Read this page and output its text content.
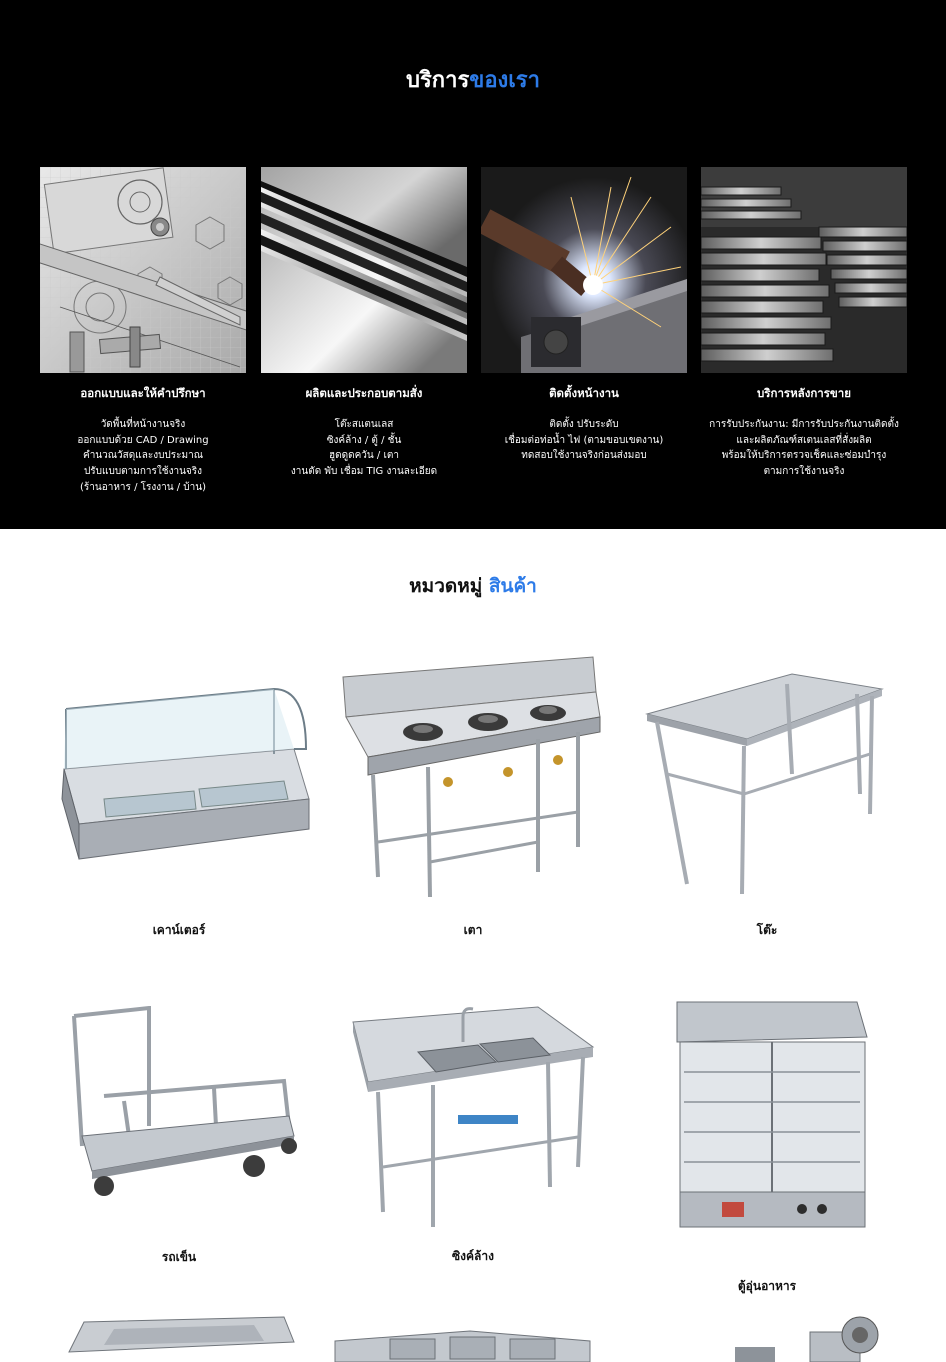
บริการของเรา
ออกแบบและให้คำปรึกษา
วัดพื้นที่หน้างานจริง
ออกแบบด้วย CAD / Drawing
คำนวณวัสดุและงบประมาณ
ปรับแบบตามการใช้งานจริง
(ร้านอาหาร / โรงงาน / บ้าน)
ผลิตและประกอบตามสั่ง
โต๊ะสแตนเลส
ซิงค์ล้าง / ตู้ / ชั้น
ฮูดดูดควัน / เตา
งานตัด พับ เชื่อม TIG งานละเอียด
ติดตั้งหน้างาน
ติดตั้ง ปรับระดับ
เชื่อมต่อท่อน้ำ ไฟ (ตามขอบเขตงาน)
ทดสอบใช้งานจริงก่อนส่งมอบ
บริการหลังการขาย
การรับประกันงาน: มีการรับประกันงานติดตั้ง
และผลิตภัณฑ์สเตนเลสที่สั่งผลิต
พร้อมให้บริการตรวจเช็คและซ่อมบำรุง
ตามการใช้งานจริง
หมวดหมู่ สินค้า
เคาน์เตอร์	เตา	โต๊ะ
รถเข็น	ซิงค์ล้าง
ตู้อุ่นอาหาร
